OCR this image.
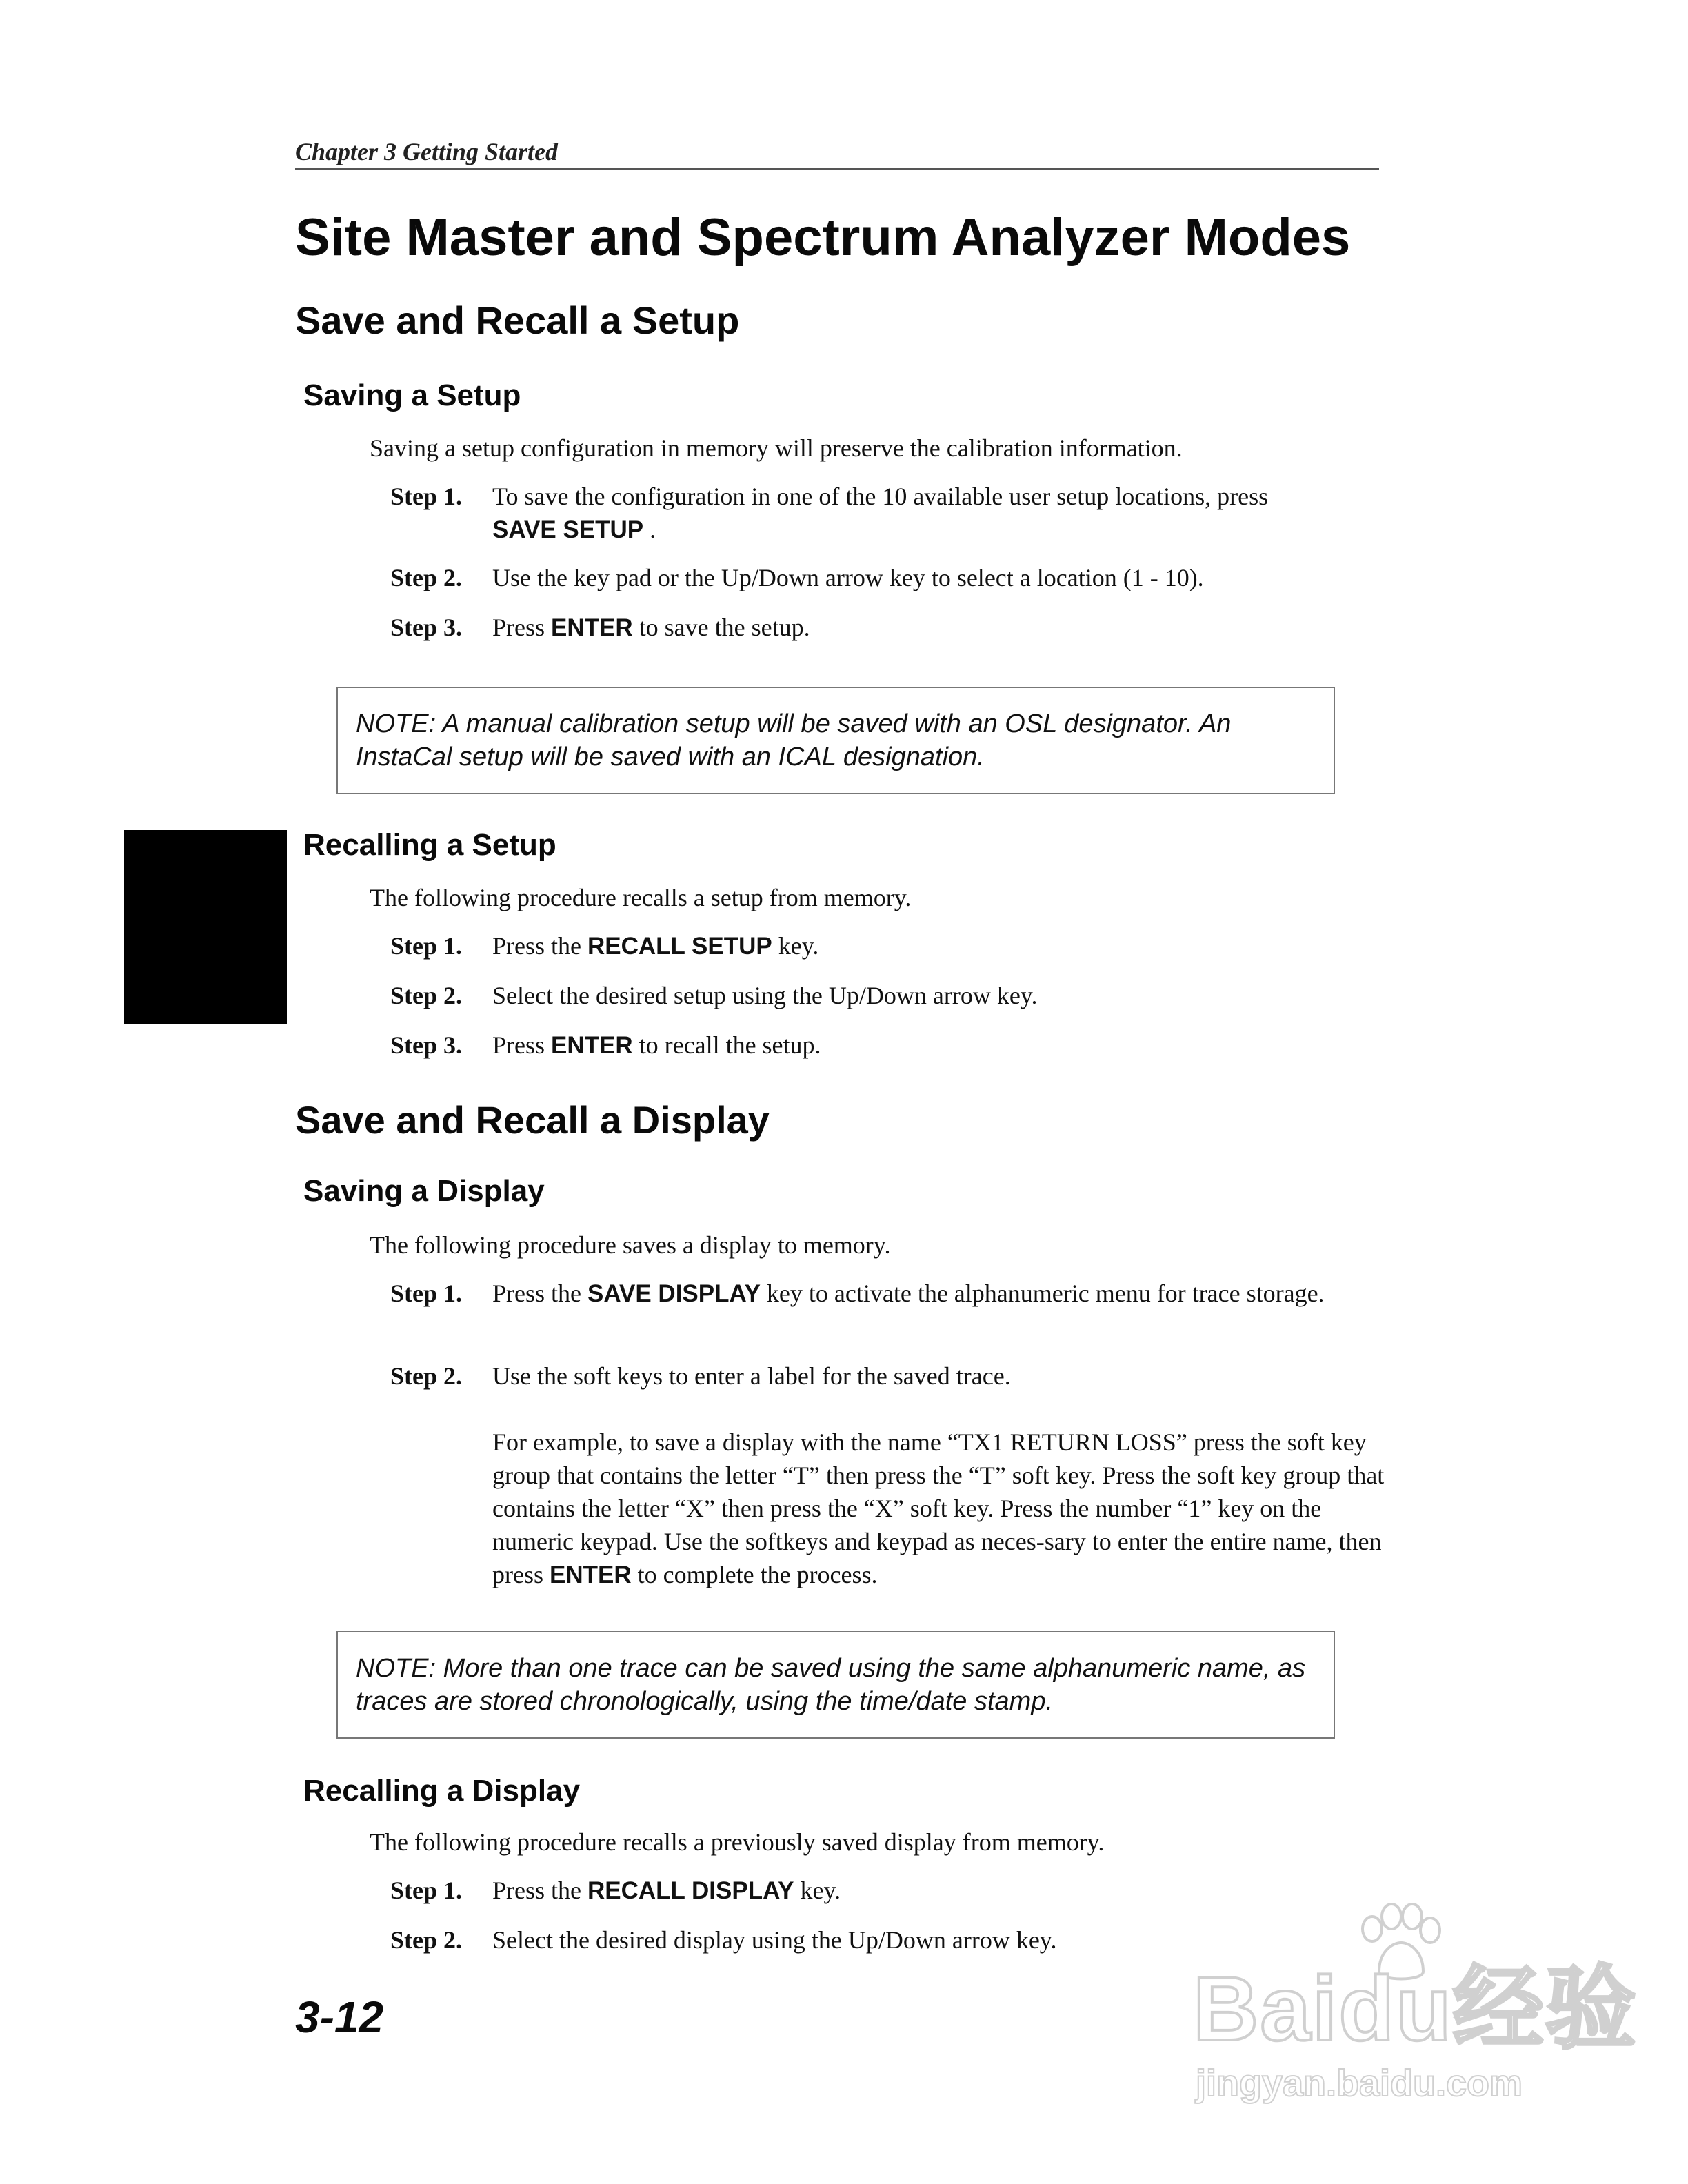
Chapter 3 Getting Started
Site Master and Spectrum Analyzer Modes
Save and Recall a Setup
Saving a Setup
Saving a setup configuration in memory will preserve the calibration information.
Step 1.	To save the configuration in one of the 10 available user setup locations, press
SAVE SETUP .
Step 2.	Use the key pad or the Up/Down arrow key to select a location (1 - 10).
Step 3.	Press ENTER to save the setup.
NOTE: A manual calibration setup will be saved with an OSL designator. An InstaCal setup will be saved with an ICAL designation.
Recalling a Setup
The following procedure recalls a setup from memory.
Step 1.	Press the RECALL SETUP key.
Step 2.	Select the desired setup using the Up/Down arrow key.
Step 3.	Press ENTER to recall the setup.
Save and Recall a Display
Saving a Display
The following procedure saves a display to memory.
Step 1.	Press the SAVE DISPLAY key to activate the alphanumeric menu for trace storage.
Step 2.	Use the soft keys to enter a label for the saved trace.
For example, to save a display with the name “TX1 RETURN LOSS” press the soft key group that contains the letter “T” then press the “T” soft key. Press the soft key group that contains the letter “X” then press the “X” soft key. Press the number “1” key on the numeric keypad. Use the softkeys and keypad as neces-sary to enter the entire name, then press ENTER to complete the process.
NOTE: More than one trace can be saved using the same alphanumeric name, as traces are stored chronologically, using the time/date stamp.
Recalling a Display
The following procedure recalls a previously saved display from memory.
Step 1.	Press the RECALL DISPLAY key.
Step 2.	Select the desired display using the Up/Down arrow key.
3-12	Baidu经验
jingyan.baidu.com
